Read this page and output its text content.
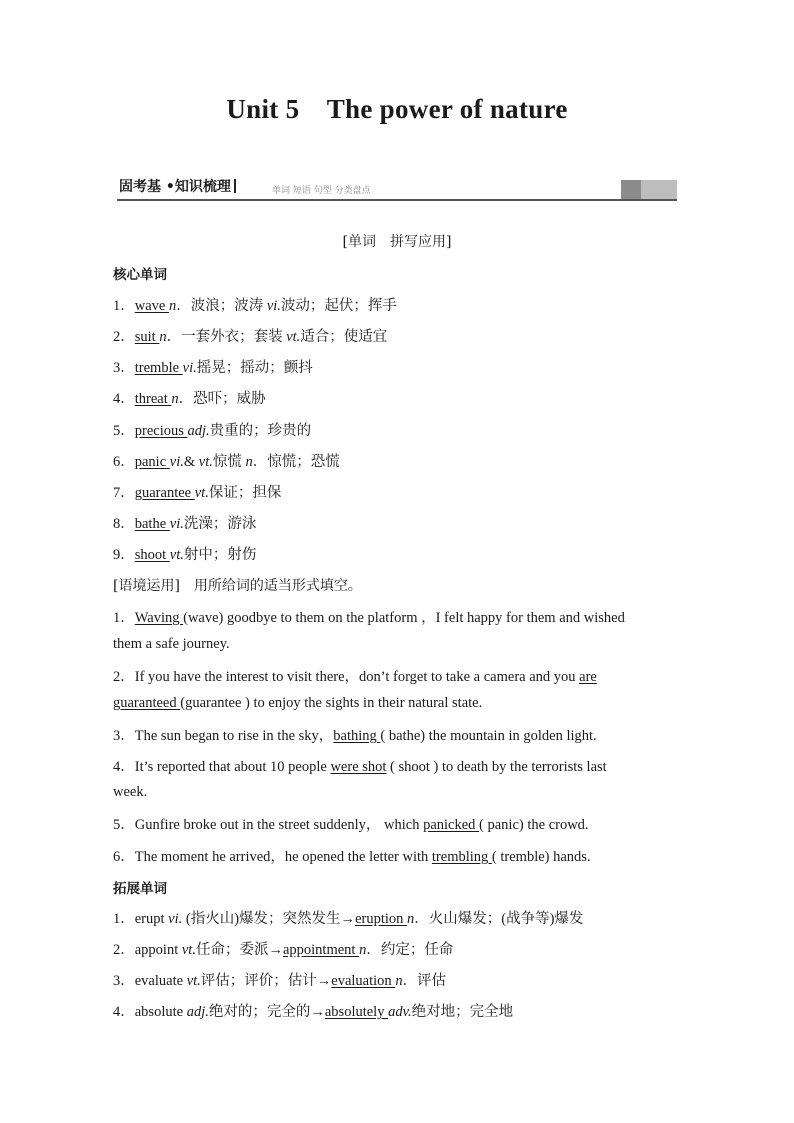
Unit 5 The power of nature
固考基 •知识梳理	单词 短语 句型 分类盘点
[单词　拼写应用]
核心单词
1．wave n．波浪；波涛 vi.波动；起伏；挥手
2．suit n．一套外衣；套装 vt.适合；使适宜
3．tremble vi.摇晃；摇动；颤抖
4．threat n．恐吓；威胁
5．precious adj.贵重的；珍贵的
6．panic vi.& vt.惊慌 n．惊慌；恐慌
7．guarantee vt.保证；担保
8．bathe vi.洗澡；游泳
9．shoot vt.射中；射伤
[语境运用]　用所给词的适当形式填空。
1．Waving (wave) goodbye to them on the platform ，I felt happy for them and wished
them a safe journey.
2．If you have the interest to visit there，don’t forget to take a camera and you are
guaranteed (guarantee ) to enjoy the sights in their natural state.
3．The sun began to rise in the sky，bathing ( bathe) the mountain in golden light.
4．It’s reported that about 10 people were shot ( shoot ) to death by the terrorists last
week.
5．Gunfire broke out in the street suddenly， which panicked ( panic) the crowd.
6．The moment he arrived，he opened the letter with trembling ( tremble) hands.
拓展单词
1．erupt vi. (指火山)爆发；突然发生→eruption n．火山爆发；(战争等)爆发
2．appoint vt.任命；委派→appointment n．约定；任命
3．evaluate vt.评估；评价；估计→evaluation n．评估
4．absolute adj.绝对的；完全的→absolutely adv.绝对地；完全地
